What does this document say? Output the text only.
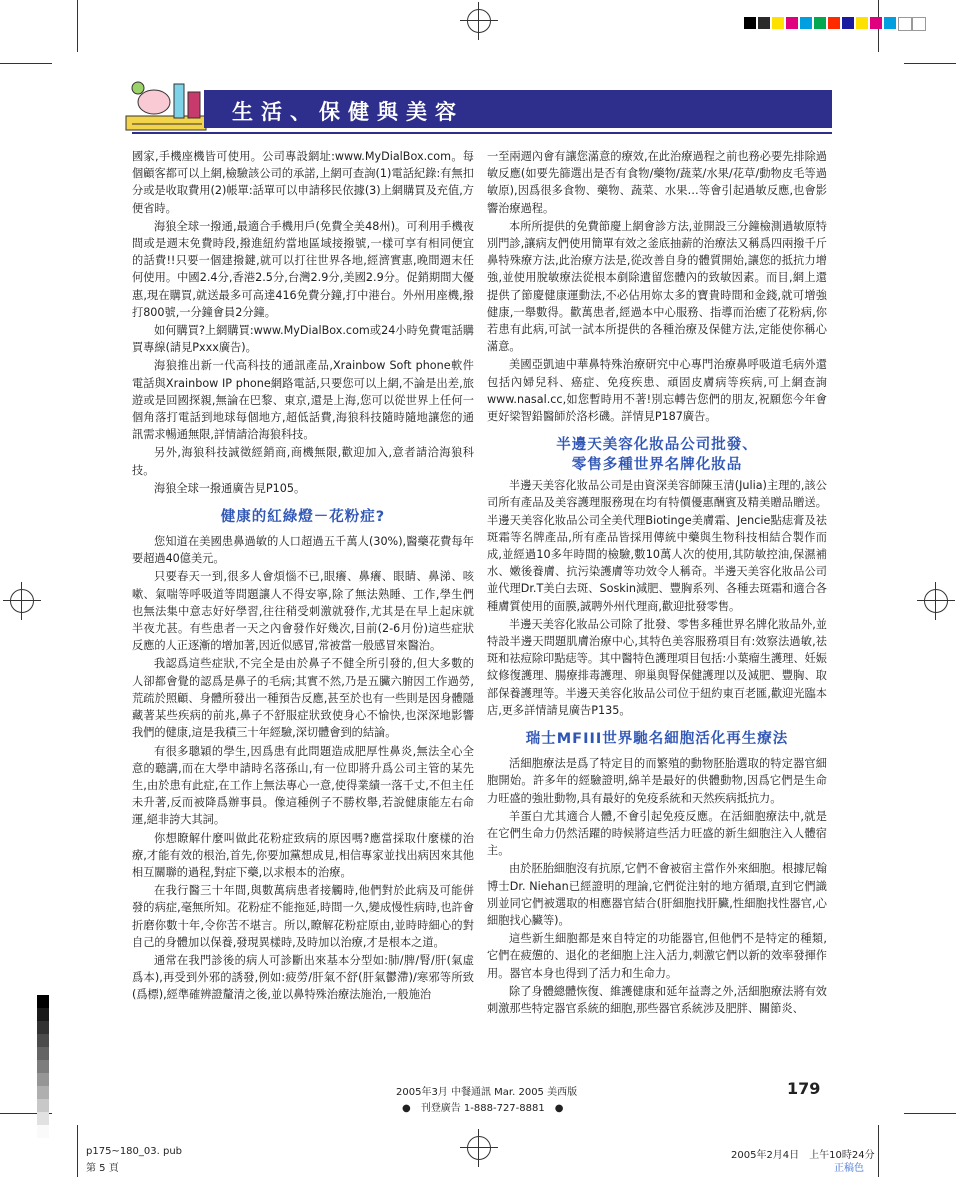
生活、保健與美容

國家,手機座機皆可使用。公司專設網址:www.MyDialBox.com。每個顧客都可以上網,檢驗該公司的承諾,上網可查詢(1)電話紀錄:有無扣分或是收取費用(2)帳單:話單可以申請移民依據(3)上網購買及充值,方便省時。

海狼全球一撥通,最適合手機用戶(免費全美48州)。可利用手機夜間或是週末免費時段,撥進紐約當地區域接撥號,一樣可享有相同便宜的話費!!只要一個建撥鍵,就可以打往世界各地,經濟實惠,晚間週末任何使用。中國2.4分,香港2.5分,台灣2.9分,美國2.9分。促銷期間大優惠,現在購買,就送最多可高達416免費分鐘,打中港台。外州用座機,撥打800號,一分鐘會員2分鐘。

如何購買?上網購買:www.MyDialBox.com或24小時免費電話購買專線(請見Pxxx廣告)。

海狼推出新一代高科技的通訊產品,Xrainbow Soft phone軟件電話與Xrainbow IP phone網路電話,只要您可以上網,不論是出差,旅遊或是回國探親,無論在巴黎、東京,還是上海,您可以從世界上任何一個角落打電話到地球每個地方,超低話費,海狼科技隨時隨地讓您的通訊需求暢通無限,詳情請洽海狼科技。

另外,海狼科技誠徵經銷商,商機無限,歡迎加入,意者請洽海狼科技。

海狼全球一撥通廣告見P105。

健康的紅綠燈－花粉症?

您知道在美國患鼻過敏的人口超過五千萬人(30%),醫藥花費每年要超過40億美元。

只要春天一到,很多人會煩惱不已,眼癢、鼻癢、眼睛、鼻涕、咳嗽、氣喘等呼吸道等問題讓人不得安寧,除了無法熟睡、工作,學生們也無法集中意志好好學習,往往稍受刺激就發作,尤其是在早上起床就半夜尤甚。有些患者一天之內會發作好幾次,目前(2-6月份)這些症狀反應的人正逐漸的增加著,因近似感冒,常被當一般感冒來醫治。

我認爲這些症狀,不完全是由於鼻子不健全所引發的,但大多數的人卻都會覺的認爲是鼻子的毛病;其實不然,乃是五臟六腑因工作過勞,荒疏於照顧、身體所發出一種預告反應,甚至於也有一些則是因身體隱藏著某些疾病的前兆,鼻子不舒服症狀致使身心不愉快,也深深地影響我們的健康,這是我積三十年經驗,深切體會到的結論。

有很多聰穎的學生,因爲患有此問題造成肥厚性鼻炎,無法全心全意的聽講,而在大學申請時名落孫山,有一位即將升爲公司主管的某先生,由於患有此症,在工作上無法專心一意,使得業績一落千丈,不但主任未升著,反而被降爲辦事員。像這種例子不勝枚舉,若說健康能左右命運,絕非誇大其詞。

你想瞭解什麼叫做此花粉症致病的原因嗎?應當採取什麼樣的治療,才能有效的根治,首先,你要加黨想成見,相信專家並找出病因來其他相互關聯的過程,對症下藥,以求根本的治療。

在我行醫三十年間,與數萬病患者接觸時,他們對於此病及可能併發的病症,毫無所知。花粉症不能拖延,時間一久,變成慢性病時,也許會折磨你數十年,令你苦不堪言。所以,瞭解花粉症原由,並時時細心的對自己的身體加以保養,發現異樣時,及時加以治療,才是根本之道。

通常在我門診後的病人可診斷出來基本分型如:肺/脾/腎/肝(氣虛爲本),再受到外邪的誘發,例如:疲勞/肝氣不舒(肝氣鬱滯)/寒邪等所致(爲標),經準確辨證釐清之後,並以鼻特殊治療法施治,一般施治

一至兩週內會有讓您滿意的療效,在此治療過程之前也務必要先排除過敏反應(如要先篩選出是否有食物/藥物/蔬菜/水果/花草/動物皮毛等過敏原),因爲很多食物、藥物、蔬菜、水果…等會引起過敏反應,也會影響治療過程。

本所所提供的免費節慶上網會診方法,並開設三分鐘檢測過敏原特別門診,讓病友們使用簡單有效之釜底抽薪的治療法又稱爲四兩撥千斤鼻特殊療方法,此治療方法是,從改善自身的體質開始,讓您的抵抗力增強,並使用脫敏療法從根本剷除遺留您體內的致敏因素。而目,網上還提供了節慶健康運動法,不必佔用妳太多的寶貴時間和金錢,就可增強健康,一舉數得。歡萬患者,經過本中心服務、指導而治癒了花粉病,你若患有此病,可試一試本所提供的各種治療及保健方法,定能使你稱心滿意。

美國亞凱迪中華鼻特殊治療研究中心專門治療鼻呼吸道毛病外還包括內婦兒科、癌症、免疫疾患、頑固皮膚病等疾病,可上網查詢www.nasal.cc,如您暫時用不著!別忘轉告您們的朋友,祝願您今年會更好梁智鉛醫師於洛杉磯。詳情見P187廣告。

半邊天美容化妝品公司批發、
零售多種世界名牌化妝品

半邊天美容化妝品公司是由資深美容師陳玉清(Julia)主理的,該公司所有產品及美容護理服務現在均有特價優惠酬賓及精美贈品贈送。半邊天美容化妝品公司全美代理Biotinge美膚霜、Jencie點痣膏及祛斑霜等名牌產品,所有產品皆採用傳統中藥與生物科技相結合製作而成,並經過10多年時間的檢驗,數10萬人次的使用,其防敏控油,保濕補水、嫩後養膚、抗污染護膚等功效令人稱奇。半邊天美容化妝品公司並代理Dr.T美白去斑、Soskin減肥、豐胸系列、各種去斑霜和適合各種膚質使用的面膜,誠聘外州代理商,歡迎批發零售。

半邊天美容化妝品公司除了批發、零售多種世界名牌化妝品外,並特設半邊天問題肌膚治療中心,其特色美容服務項目有:效察法過敏,祛斑和祛痘除印點痣等。其中醫特色護理項目包括:小葉瘤生護理、妊娠紋修復護理、腸療排毒護理、卵巢與腎保健護理以及減肥、豐胸、取部保養護理等。半邊天美容化妝品公司位于紐約東百老匯,歡迎光臨本店,更多詳情請見廣告P135。

瑞士MFIII世界馳名細胞活化再生療法

活細胞療法是爲了特定目的而繁殖的動物胚胎選取的特定器官細胞開始。許多年的經驗證明,綿羊是最好的供體動物,因爲它們是生命力旺盛的強壯動物,具有最好的免疫系統和天然疾病抵抗力。

羊蛋白尤其適合人體,不會引起免疫反應。在活細胞療法中,就是在它們生命力仍然活躍的時候將這些活力旺盛的新生細胞注入人體宿主。

由於胚胎細胞沒有抗原,它們不會被宿主當作外來細胞。根據尼翰博士Dr. Niehan已經證明的理論,它們從注射的地方循環,直到它們識別並同它們被選取的相應器官結合(肝細胞找肝臟,性細胞找性器官,心細胞找心臟等)。

這些新生細胞都是來自特定的功能器官,但他們不是特定的種類,它們在疲憊的、退化的老細胞上注入活力,刺激它們以新的效率發揮作用。器官本身也得到了活力和生命力。

除了身體總體恢復、維護健康和延年益壽之外,活細胞療法將有效刺激那些特定器官系統的細胞,那些器官系統涉及肥胖、關節炎、

2005年3月 中餐通訊 Mar. 2005 美西版
●　刊登廣告 1-888-727-8881　●
179
p175~180_03. pub
第 5 頁
2005年2月4日　上午10時24分
正稿色
